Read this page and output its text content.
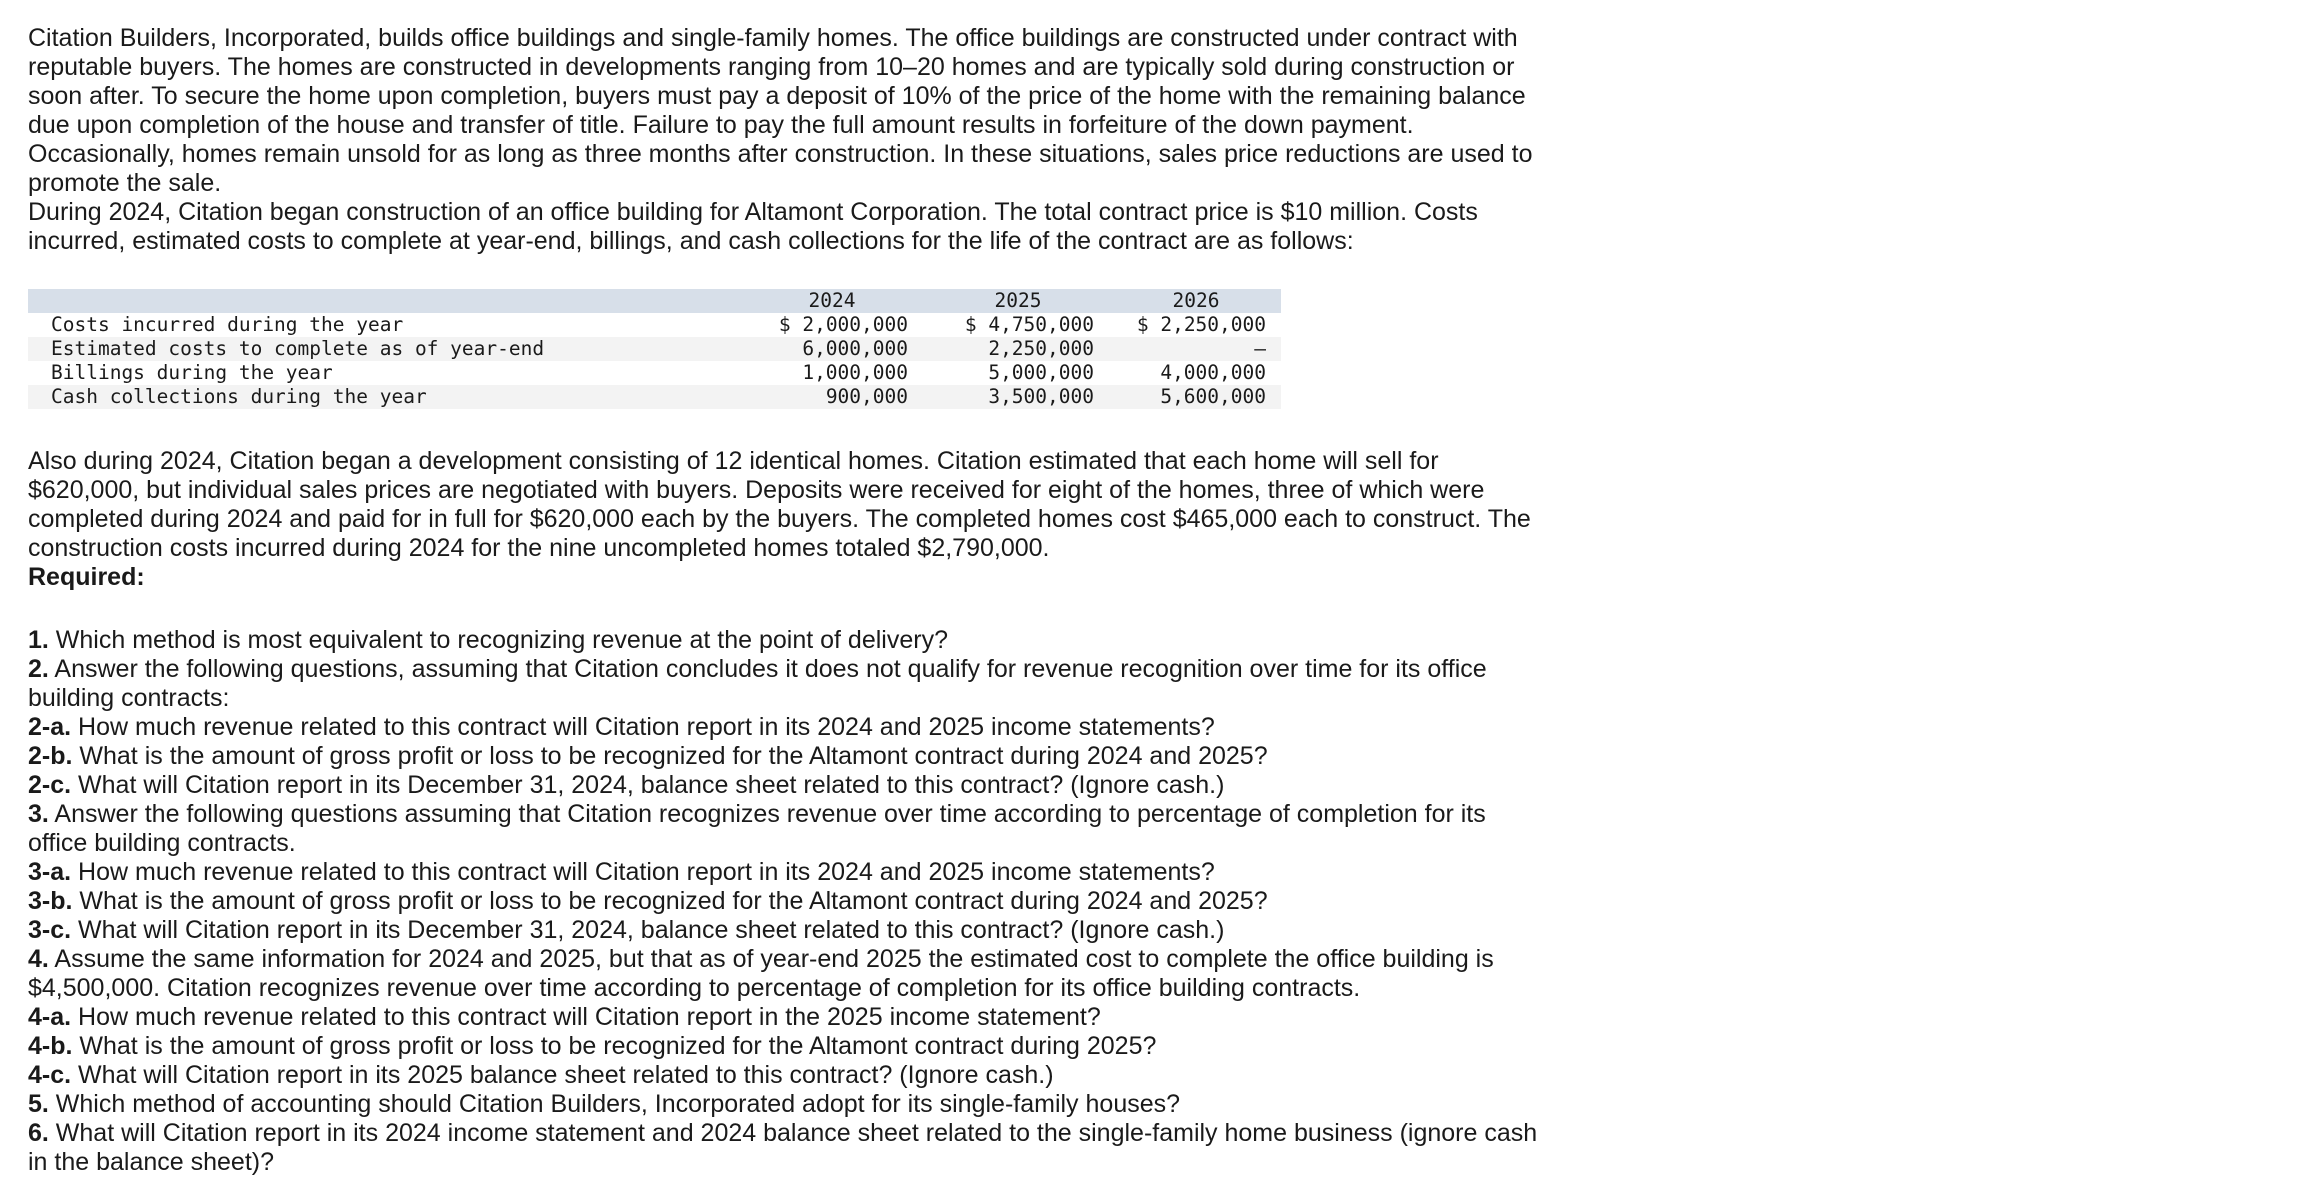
Citation Builders, Incorporated, builds office buildings and single-family homes. The office buildings are constructed under contract with reputable buyers. The homes are constructed in developments ranging from 10–20 homes and are typically sold during construction or soon after. To secure the home upon completion, buyers must pay a deposit of 10% of the price of the home with the remaining balance due upon completion of the house and transfer of title. Failure to pay the full amount results in forfeiture of the down payment. Occasionally, homes remain unsold for as long as three months after construction. In these situations, sales price reductions are used to promote the sale.

During 2024, Citation began construction of an office building for Altamont Corporation. The total contract price is $10 million. Costs incurred, estimated costs to complete at year-end, billings, and cash collections for the life of the contract are as follows:

	2024	2025	2026
Costs incurred during the year	$ 2,000,000	$ 4,750,000	$ 2,250,000
Estimated costs to complete as of year-end	6,000,000	2,250,000	–
Billings during the year	1,000,000	5,000,000	4,000,000
Cash collections during the year	900,000	3,500,000	5,600,000

Also during 2024, Citation began a development consisting of 12 identical homes. Citation estimated that each home will sell for $620,000, but individual sales prices are negotiated with buyers. Deposits were received for eight of the homes, three of which were completed during 2024 and paid for in full for $620,000 each by the buyers. The completed homes cost $465,000 each to construct. The construction costs incurred during 2024 for the nine uncompleted homes totaled $2,790,000.

Required:

1. Which method is most equivalent to recognizing revenue at the point of delivery?

2. Answer the following questions, assuming that Citation concludes it does not qualify for revenue recognition over time for its office building contracts:

2-a. How much revenue related to this contract will Citation report in its 2024 and 2025 income statements?

2-b. What is the amount of gross profit or loss to be recognized for the Altamont contract during 2024 and 2025?

2-c. What will Citation report in its December 31, 2024, balance sheet related to this contract? (Ignore cash.)

3. Answer the following questions assuming that Citation recognizes revenue over time according to percentage of completion for its office building contracts.

3-a. How much revenue related to this contract will Citation report in its 2024 and 2025 income statements?

3-b. What is the amount of gross profit or loss to be recognized for the Altamont contract during 2024 and 2025?

3-c. What will Citation report in its December 31, 2024, balance sheet related to this contract? (Ignore cash.)

4. Assume the same information for 2024 and 2025, but that as of year-end 2025 the estimated cost to complete the office building is $4,500,000. Citation recognizes revenue over time according to percentage of completion for its office building contracts.

4-a. How much revenue related to this contract will Citation report in the 2025 income statement?

4-b. What is the amount of gross profit or loss to be recognized for the Altamont contract during 2025?

4-c. What will Citation report in its 2025 balance sheet related to this contract? (Ignore cash.)

5. Which method of accounting should Citation Builders, Incorporated adopt for its single-family houses?

6. What will Citation report in its 2024 income statement and 2024 balance sheet related to the single-family home business (ignore cash in the balance sheet)?
